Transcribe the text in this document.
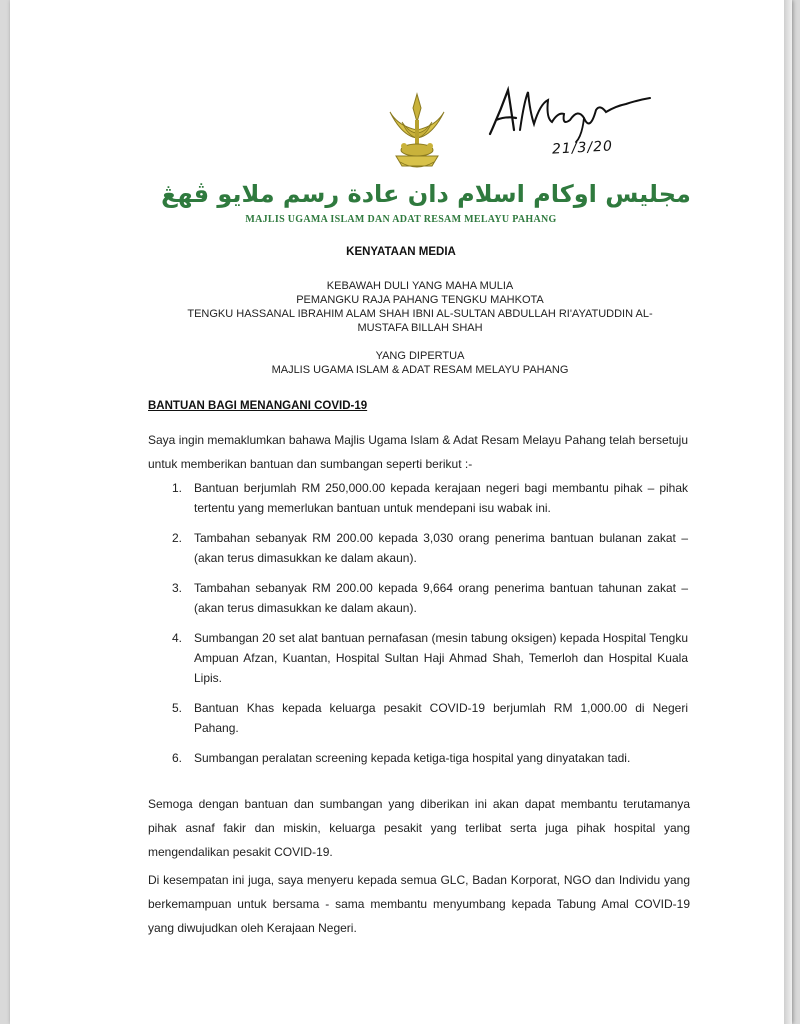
21/3/20
مجليس اوكام اسلام دان عادة رسم ملايو ڤهڠ
MAJLIS UGAMA ISLAM DAN ADAT RESAM MELAYU PAHANG
KENYATAAN MEDIA
KEBAWAH DULI YANG MAHA MULIA
PEMANGKU RAJA PAHANG TENGKU MAHKOTA
TENGKU HASSANAL IBRAHIM ALAM SHAH IBNI AL-SULTAN ABDULLAH RI'AYATUDDIN AL-
MUSTAFA BILLAH SHAH
YANG DIPERTUA
MAJLIS UGAMA ISLAM & ADAT RESAM MELAYU PAHANG
BANTUAN BAGI MENANGANI COVID-19
Saya ingin memaklumkan bahawa Majlis Ugama Islam & Adat Resam Melayu Pahang telah bersetuju untuk memberikan bantuan dan sumbangan seperti berikut :-
1. Bantuan berjumlah RM 250,000.00 kepada kerajaan negeri bagi membantu pihak – pihak tertentu yang memerlukan bantuan untuk mendepani isu wabak ini.
2. Tambahan sebanyak RM 200.00 kepada 3,030 orang penerima bantuan bulanan zakat – (akan terus dimasukkan ke dalam akaun).
3. Tambahan sebanyak RM 200.00 kepada 9,664 orang penerima bantuan tahunan zakat – (akan terus dimasukkan ke dalam akaun).
4. Sumbangan 20 set alat bantuan pernafasan (mesin tabung oksigen) kepada Hospital Tengku Ampuan Afzan, Kuantan, Hospital Sultan Haji Ahmad Shah, Temerloh dan Hospital Kuala Lipis.
5. Bantuan Khas kepada keluarga pesakit COVID-19 berjumlah RM 1,000.00 di Negeri Pahang.
6. Sumbangan peralatan screening kepada ketiga-tiga hospital yang dinyatakan tadi.
Semoga dengan bantuan dan sumbangan yang diberikan ini akan dapat membantu terutamanya pihak asnaf fakir dan miskin, keluarga pesakit yang terlibat serta juga pihak hospital yang mengendalikan pesakit COVID-19.
Di kesempatan ini juga, saya menyeru kepada semua GLC, Badan Korporat, NGO dan Individu yang berkemampuan untuk bersama - sama membantu menyumbang kepada Tabung Amal COVID-19 yang diwujudkan oleh Kerajaan Negeri.
